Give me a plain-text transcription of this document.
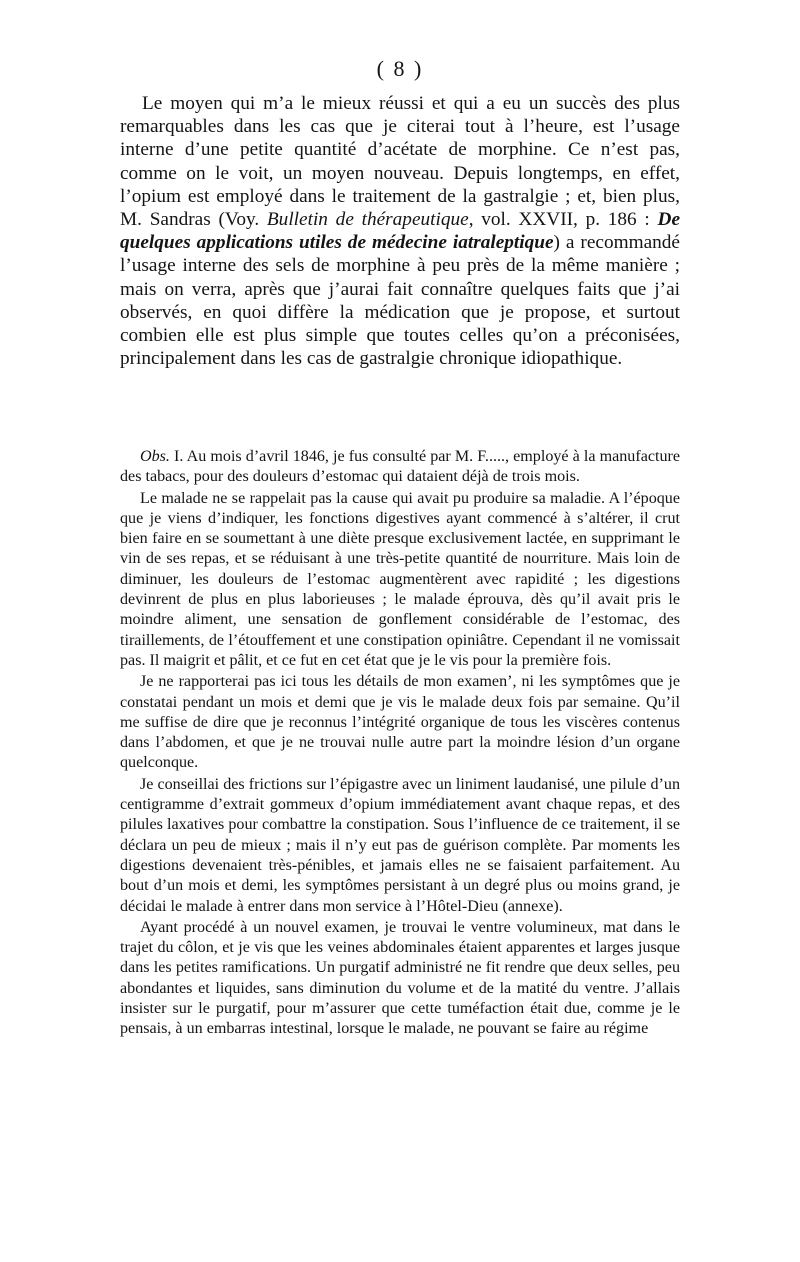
( 8 )

Le moyen qui m’a le mieux réussi et qui a eu un succès des plus remarquables dans les cas que je citerai tout à l’heure, est l’usage interne d’une petite quantité d’acétate de morphine. Ce n’est pas, comme on le voit, un moyen nouveau. Depuis longtemps, en effet, l’opium est employé dans le traitement de la gastralgie ; et, bien plus, M. Sandras (Voy. Bulletin de thérapeutique, vol. XXVII, p. 186 : De quelques applications utiles de médecine iatraleptique) a recommandé l’usage interne des sels de morphine à peu près de la même manière ; mais on verra, après que j’aurai fait connaître quelques faits que j’ai observés, en quoi diffère la médication que je propose, et surtout combien elle est plus simple que toutes celles qu’on a préconisées, principalement dans les cas de gastralgie chronique idiopathique.

Obs. I. Au mois d’avril 1846, je fus consulté par M. F....., employé à la manufacture des tabacs, pour des douleurs d’estomac qui dataient déjà de trois mois.

Le malade ne se rappelait pas la cause qui avait pu produire sa maladie. A l’époque que je viens d’indiquer, les fonctions digestives ayant commencé à s’altérer, il crut bien faire en se soumettant à une diète presque exclusivement lactée, en supprimant le vin de ses repas, et se réduisant à une très-petite quantité de nourriture. Mais loin de diminuer, les douleurs de l’estomac augmentèrent avec rapidité ; les digestions devinrent de plus en plus laborieuses ; le malade éprouva, dès qu’il avait pris le moindre aliment, une sensation de gonflement considérable de l’estomac, des tiraillements, de l’étouffement et une constipation opiniâtre. Cependant il ne vomissait pas. Il maigrit et pâlit, et ce fut en cet état que je le vis pour la première fois.

Je ne rapporterai pas ici tous les détails de mon examen’, ni les symptômes que je constatai pendant un mois et demi que je vis le malade deux fois par semaine. Qu’il me suffise de dire que je reconnus l’intégrité organique de tous les viscères contenus dans l’abdomen, et que je ne trouvai nulle autre part la moindre lésion d’un organe quelconque.

Je conseillai des frictions sur l’épigastre avec un liniment laudanisé, une pilule d’un centigramme d’extrait gommeux d’opium immédiatement avant chaque repas, et des pilules laxatives pour combattre la constipation. Sous l’influence de ce traitement, il se déclara un peu de mieux ; mais il n’y eut pas de guérison complète. Par moments les digestions devenaient très-pénibles, et jamais elles ne se faisaient parfaitement. Au bout d’un mois et demi, les symptômes persistant à un degré plus ou moins grand, je décidai le malade à entrer dans mon service à l’Hôtel-Dieu (annexe).

Ayant procédé à un nouvel examen, je trouvai le ventre volumineux, mat dans le trajet du côlon, et je vis que les veines abdominales étaient apparentes et larges jusque dans les petites ramifications. Un purgatif administré ne fit rendre que deux selles, peu abondantes et liquides, sans diminution du volume et de la matité du ventre. J’allais insister sur le purgatif, pour m’assurer que cette tuméfaction était due, comme je le pensais, à un embarras intestinal, lorsque le malade, ne pouvant se faire au régime
